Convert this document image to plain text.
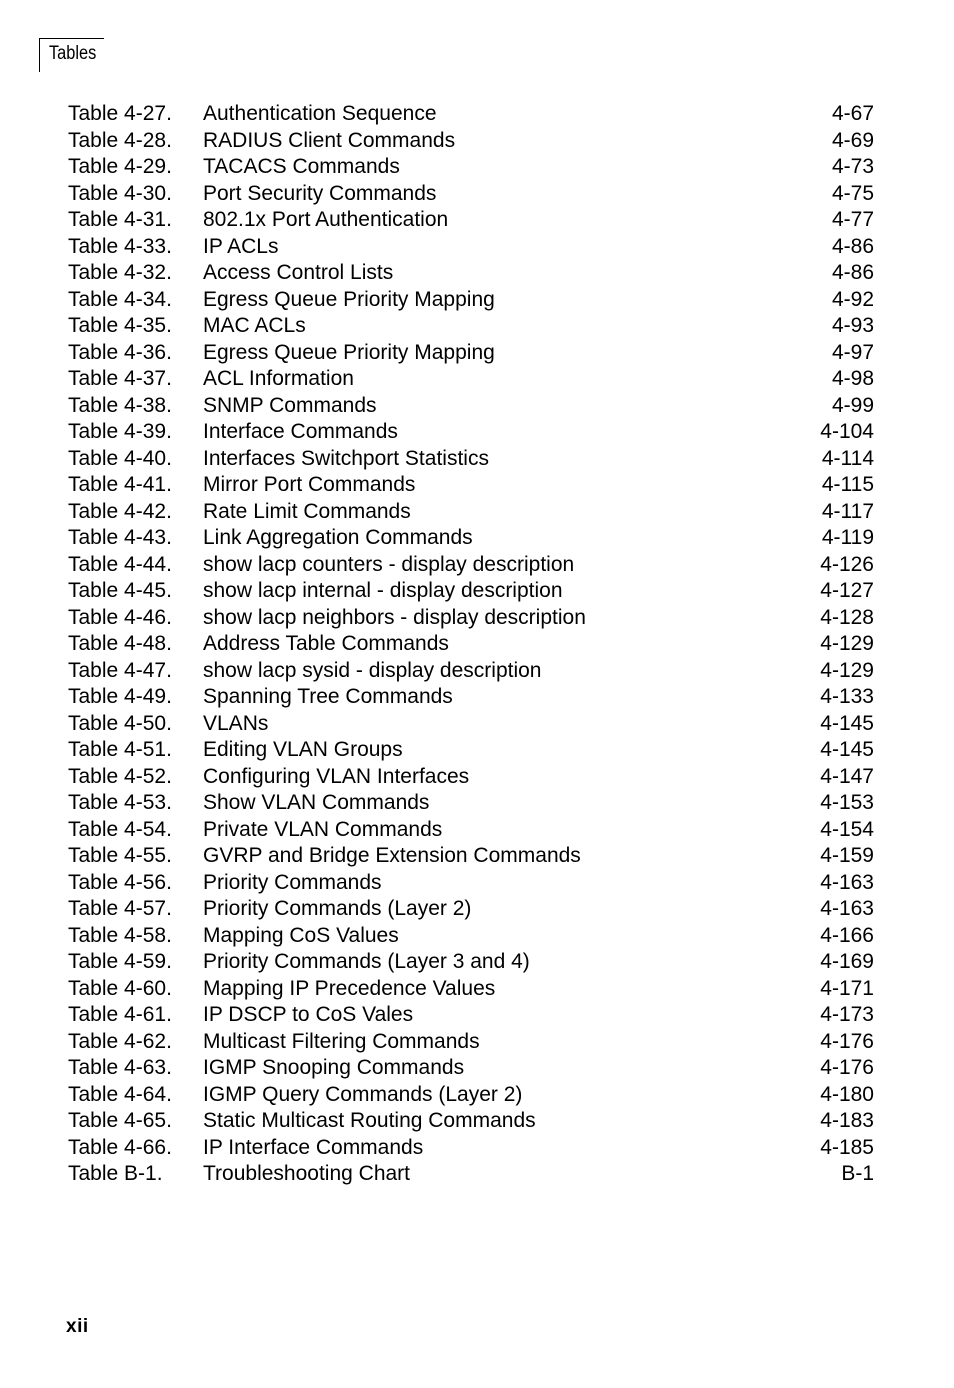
Tables
Table 4-27. Authentication Sequence	4-67
Table 4-28. RADIUS Client Commands	4-69
Table 4-29. TACACS Commands	4-73
Table 4-30. Port Security Commands	4-75
Table 4-31. 802.1x Port Authentication	4-77
Table 4-33. IP ACLs	4-86
Table 4-32. Access Control Lists	4-86
Table 4-34. Egress Queue Priority Mapping	4-92
Table 4-35. MAC ACLs	4-93
Table 4-36. Egress Queue Priority Mapping	4-97
Table 4-37. ACL Information	4-98
Table 4-38. SNMP Commands	4-99
Table 4-39. Interface Commands	4-104
Table 4-40. Interfaces Switchport Statistics	4-114
Table 4-41. Mirror Port Commands	4-115
Table 4-42. Rate Limit Commands	4-117
Table 4-43. Link Aggregation Commands	4-119
Table 4-44. show lacp counters - display description	4-126
Table 4-45. show lacp internal - display description	4-127
Table 4-46. show lacp neighbors - display description	4-128
Table 4-48. Address Table Commands	4-129
Table 4-47. show lacp sysid - display description	4-129
Table 4-49. Spanning Tree Commands	4-133
Table 4-50. VLANs	4-145
Table 4-51. Editing VLAN Groups	4-145
Table 4-52. Configuring VLAN Interfaces	4-147
Table 4-53. Show VLAN Commands	4-153
Table 4-54. Private VLAN Commands	4-154
Table 4-55. GVRP and Bridge Extension Commands	4-159
Table 4-56. Priority Commands	4-163
Table 4-57. Priority Commands (Layer 2)	4-163
Table 4-58. Mapping CoS Values	4-166
Table 4-59. Priority Commands (Layer 3 and 4)	4-169
Table 4-60. Mapping IP Precedence Values	4-171
Table 4-61. IP DSCP to CoS Vales	4-173
Table 4-62. Multicast Filtering Commands	4-176
Table 4-63. IGMP Snooping Commands	4-176
Table 4-64. IGMP Query Commands (Layer 2)	4-180
Table 4-65. Static Multicast Routing Commands	4-183
Table 4-66. IP Interface Commands	4-185
Table B-1. Troubleshooting Chart	B-1
xii
